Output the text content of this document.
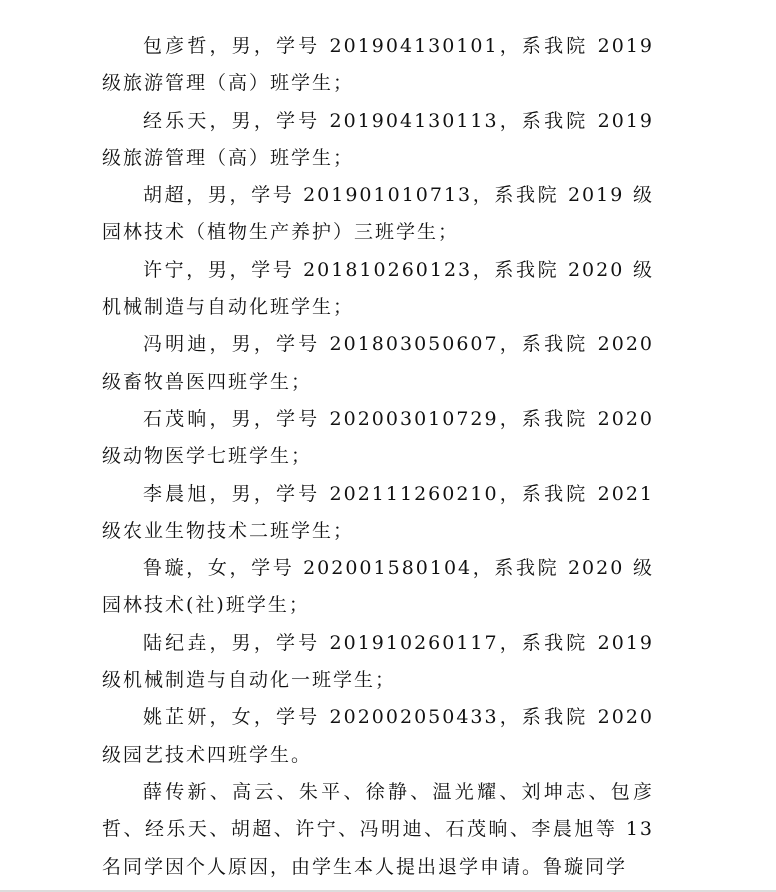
包彦哲，男，学号 201904130101，系我院 2019 级旅游管理（高）班学生；

经乐天，男，学号 201904130113，系我院 2019 级旅游管理（高）班学生；

胡超，男，学号 201901010713，系我院 2019 级园林技术（植物生产养护）三班学生；

许宁，男，学号 201810260123，系我院 2020 级机械制造与自动化班学生；

冯明迪，男，学号 201803050607，系我院 2020 级畜牧兽医四班学生；

石茂晌，男，学号 202003010729，系我院 2020 级动物医学七班学生；

李晨旭，男，学号 202111260210，系我院 2021 级农业生物技术二班学生；

鲁璇，女，学号 202001580104，系我院 2020 级园林技术(社)班学生；

陆纪垚，男，学号 201910260117，系我院 2019 级机械制造与自动化一班学生；

姚芷妍，女，学号 202002050433，系我院 2020 级园艺技术四班学生。

薛传新、高云、朱平、徐静、温光耀、刘坤志、包彦哲、经乐天、胡超、许宁、冯明迪、石茂晌、李晨旭等 13 名同学因个人原因，由学生本人提出退学申请。鲁璇同学
